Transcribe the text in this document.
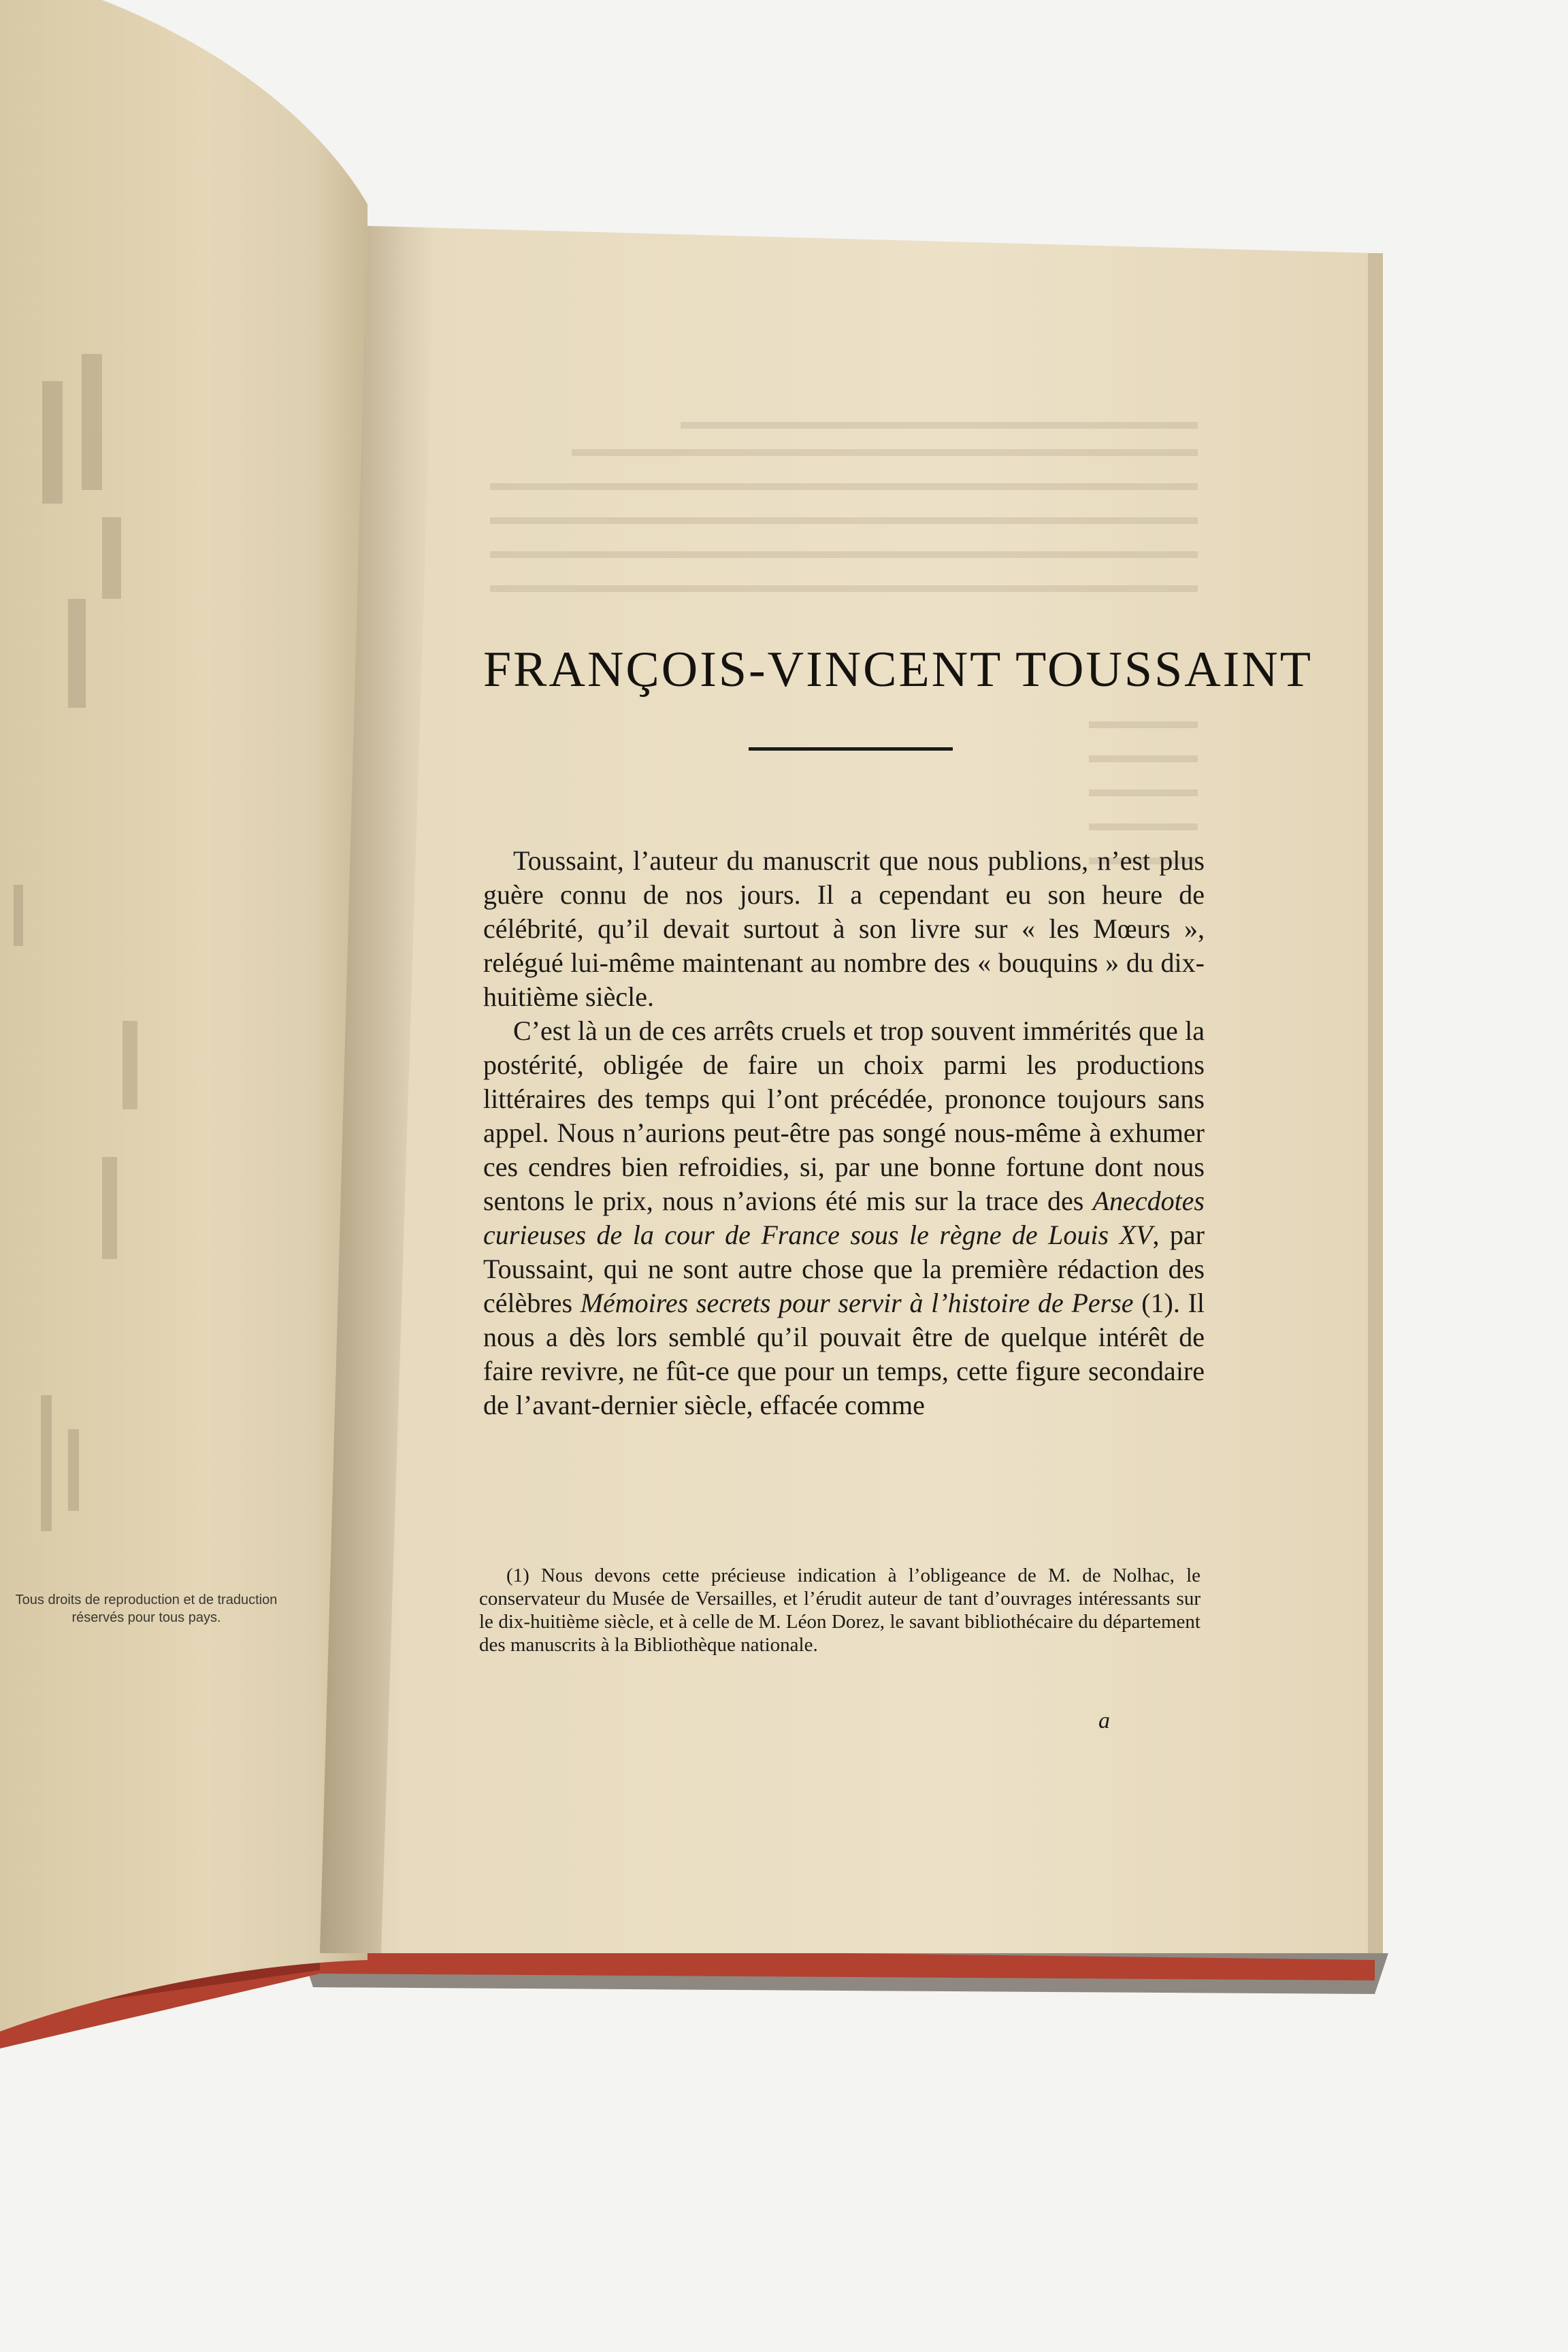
FRANÇOIS-VINCENT TOUSSAINT

Toussaint, l’auteur du manuscrit que nous publions, n’est plus guère connu de nos jours. Il a cependant eu son heure de célébrité, qu’il devait surtout à son livre sur « les Mœurs », relégué lui-même maintenant au nombre des « bouquins » du dix-huitième siècle.

C’est là un de ces arrêts cruels et trop souvent immérités que la postérité, obligée de faire un choix parmi les productions littéraires des temps qui l’ont précédée, prononce toujours sans appel. Nous n’aurions peut-être pas songé nous-même à exhumer ces cendres bien refroidies, si, par une bonne fortune dont nous sentons le prix, nous n’avions été mis sur la trace des Anecdotes curieuses de la cour de France sous le règne de Louis XV, par Toussaint, qui ne sont autre chose que la première rédaction des célèbres Mémoires secrets pour servir à l’histoire de Perse (1). Il nous a dès lors semblé qu’il pouvait être de quelque intérêt de faire revivre, ne fût-ce que pour un temps, cette figure secondaire de l’avant-dernier siècle, effacée comme

(1) Nous devons cette précieuse indication à l’obligeance de M. de Nolhac, le conservateur du Musée de Versailles, et l’érudit auteur de tant d’ouvrages intéressants sur le dix-huitième siècle, et à celle de M. Léon Dorez, le savant bibliothécaire du département des manuscrits à la Bibliothèque nationale.
a
Tous droits de reproduction et de traduction
réservés pour tous pays.
